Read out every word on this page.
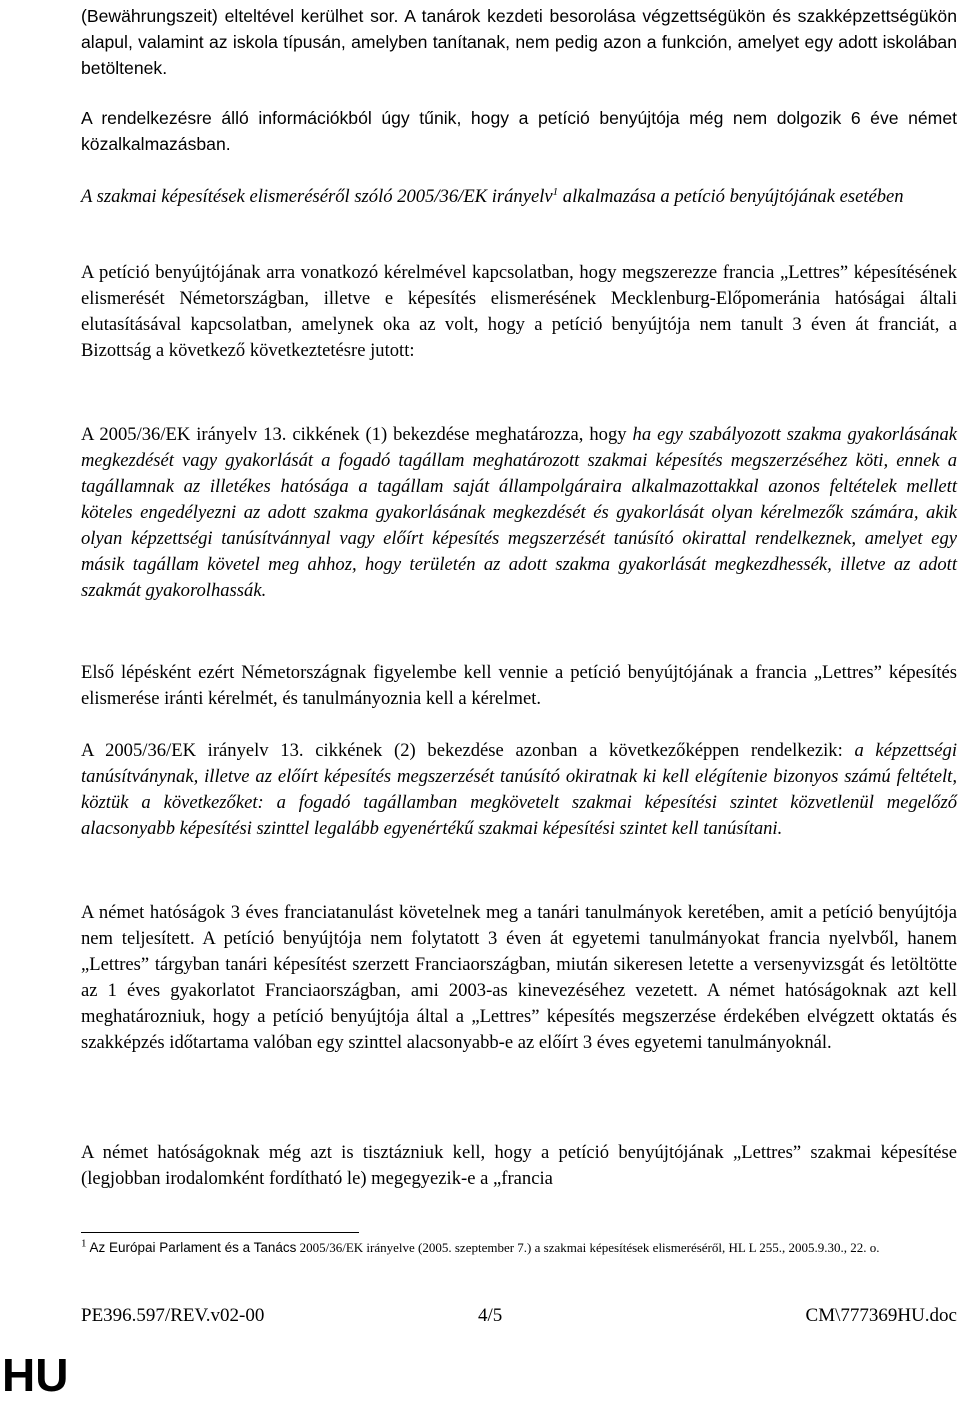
(Bewährungszeit) elteltével kerülhet sor. A tanárok kezdeti besorolása végzettségükön és szakképzettségükön alapul, valamint az iskola típusán, amelyben tanítanak, nem pedig azon a funkción, amelyet egy adott iskolában betöltenek.

A rendelkezésre álló információkból úgy tűnik, hogy a petíció benyújtója még nem dolgozik 6 éve német közalkalmazásban.

A szakmai képesítések elismeréséről szóló 2005/36/EK irányelv$^1$ alkalmazása a petíció benyújtójának esetében

A petíció benyújtójának arra vonatkozó kérelmével kapcsolatban, hogy megszerezze francia „Lettres” képesítésének elismerését Németországban, illetve e képesítés elismerésének Mecklenburg-Előpomeránia hatóságai általi elutasításával kapcsolatban, amelynek oka az volt, hogy a petíció benyújtója nem tanult 3 éven át franciát, a Bizottság a következő következtetésre jutott:

A 2005/36/EK irányelv 13. cikkének (1) bekezdése meghatározza, hogy ha egy szabályozott szakma gyakorlásának megkezdését vagy gyakorlását a fogadó tagállam meghatározott szakmai képesítés megszerzéséhez köti, ennek a tagállamnak az illetékes hatósága a tagállam saját állampolgáraira alkalmazottakkal azonos feltételek mellett köteles engedélyezni az adott szakma gyakorlásának megkezdését és gyakorlását olyan kérelmezők számára, akik olyan képzettségi tanúsítvánnyal vagy előírt képesítés megszerzését tanúsító okirattal rendelkeznek, amelyet egy másik tagállam követel meg ahhoz, hogy területén az adott szakma gyakorlását megkezdhessék, illetve az adott szakmát gyakorolhassák.

Első lépésként ezért Németországnak figyelembe kell vennie a petíció benyújtójának a francia „Lettres” képesítés elismerése iránti kérelmét, és tanulmányoznia kell a kérelmet.

A 2005/36/EK irányelv 13. cikkének (2) bekezdése azonban a következőképpen rendelkezik: a képzettségi tanúsítványnak, illetve az előírt képesítés megszerzését tanúsító okiratnak ki kell elégítenie bizonyos számú feltételt, köztük a következőket: a fogadó tagállamban megkövetelt szakmai képesítési szintet közvetlenül megelőző alacsonyabb képesítési szinttel legalább egyenértékű szakmai képesítési szintet kell tanúsítani.

A német hatóságok 3 éves franciatanulást követelnek meg a tanári tanulmányok keretében, amit a petíció benyújtója nem teljesített. A petíció benyújtója nem folytatott 3 éven át egyetemi tanulmányokat francia nyelvből, hanem „Lettres” tárgyban tanári képesítést szerzett Franciaországban, miután sikeresen letette a versenyvizsgát és letöltötte az 1 éves gyakorlatot Franciaországban, ami 2003-as kinevezéséhez vezetett. A német hatóságoknak azt kell meghatározniuk, hogy a petíció benyújtója által a „Lettres” képesítés megszerzése érdekében elvégzett oktatás és szakképzés időtartama valóban egy szinttel alacsonyabb-e az előírt 3 éves egyetemi tanulmányoknál.

A német hatóságoknak még azt is tisztázniuk kell, hogy a petíció benyújtójának „Lettres” szakmai képesítése (legjobban irodalomként fordítható le) megegyezik-e a „francia

$^1$ Az Európai Parlament és a Tanács 2005/36/EK irányelve (2005. szeptember 7.) a szakmai képesítések elismeréséről, HL L 255., 2005.9.30., 22. o.
PE396.597/REV.v02-00	4/5	CM\777369HU.doc
HU
